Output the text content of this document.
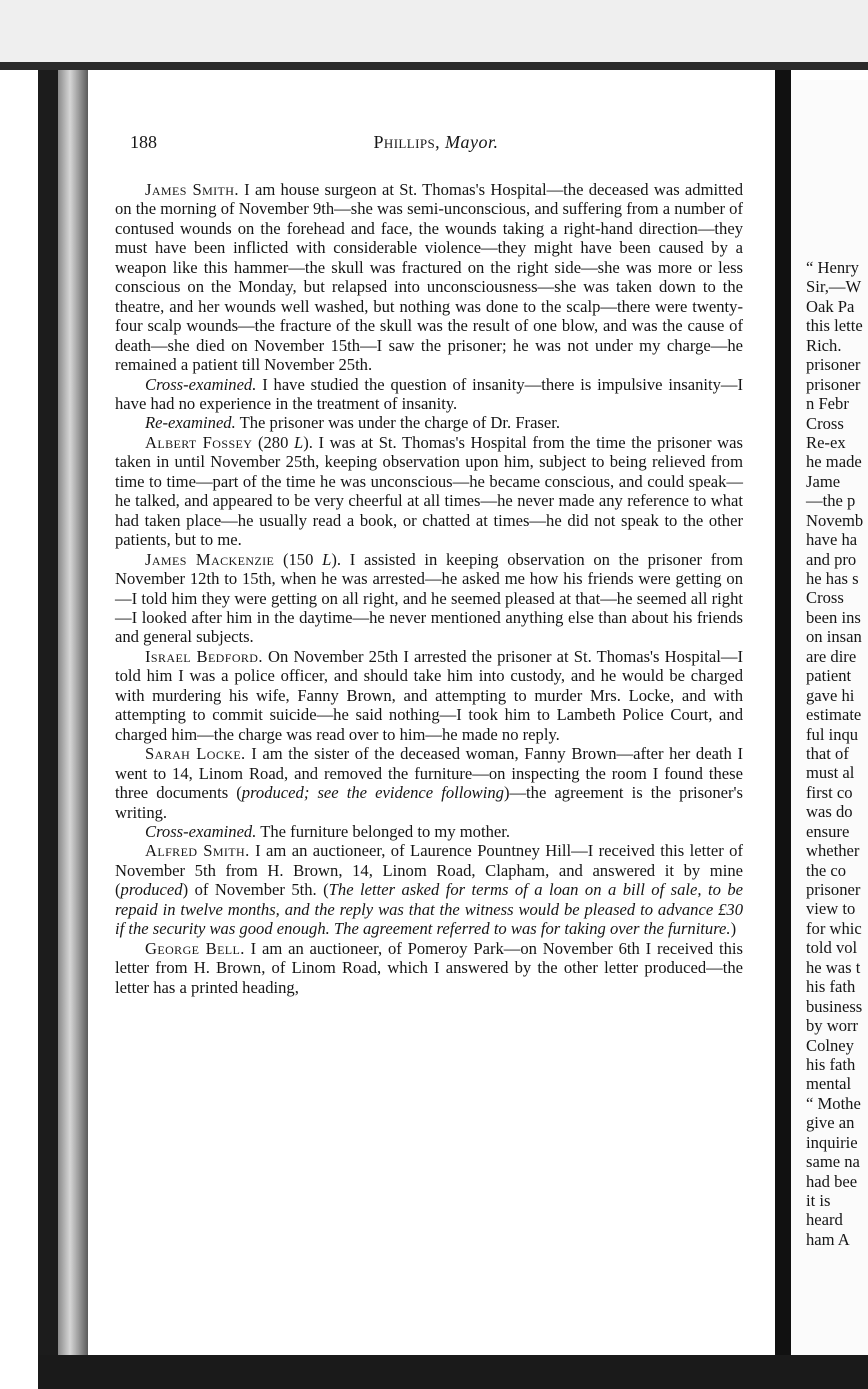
188	Phillips, Mayor.

James Smith. I am house surgeon at St. Thomas's Hospital—the deceased was admitted on the morning of November 9th—she was semi-unconscious, and suffering from a number of contused wounds on the forehead and face, the wounds taking a right-hand direction—they must have been inflicted with considerable violence—they might have been caused by a weapon like this hammer—the skull was fractured on the right side—she was more or less conscious on the Monday, but relapsed into unconsciousness—she was taken down to the theatre, and her wounds well washed, but nothing was done to the scalp—there were twenty-four scalp wounds—the fracture of the skull was the result of one blow, and was the cause of death—she died on November 15th—I saw the prisoner; he was not under my charge—he remained a patient till November 25th.

Cross-examined. I have studied the question of insanity—there is impulsive insanity—I have had no experience in the treatment of insanity.

Re-examined. The prisoner was under the charge of Dr. Fraser.

Albert Fossey (280 L). I was at St. Thomas's Hospital from the time the prisoner was taken in until November 25th, keeping observation upon him, subject to being relieved from time to time—part of the time he was unconscious—he became conscious, and could speak—he talked, and appeared to be very cheerful at all times—he never made any reference to what had taken place—he usually read a book, or chatted at times—he did not speak to the other patients, but to me.

James Mackenzie (150 L). I assisted in keeping observation on the prisoner from November 12th to 15th, when he was arrested—he asked me how his friends were getting on—I told him they were getting on all right, and he seemed pleased at that—he seemed all right—I looked after him in the daytime—he never mentioned anything else than about his friends and general subjects.

Israel Bedford. On November 25th I arrested the prisoner at St. Thomas's Hospital—I told him I was a police officer, and should take him into custody, and he would be charged with murdering his wife, Fanny Brown, and attempting to murder Mrs. Locke, and with attempting to commit suicide—he said nothing—I took him to Lambeth Police Court, and charged him—the charge was read over to him—he made no reply.

Sarah Locke. I am the sister of the deceased woman, Fanny Brown—after her death I went to 14, Linom Road, and removed the furniture—on inspecting the room I found these three documents (produced; see the evidence following)—the agreement is the prisoner's writing.

Cross-examined. The furniture belonged to my mother.

Alfred Smith. I am an auctioneer, of Laurence Pountney Hill—I received this letter of November 5th from H. Brown, 14, Linom Road, Clapham, and answered it by mine (produced) of November 5th. (The letter asked for terms of a loan on a bill of sale, to be repaid in twelve months, and the reply was that the witness would be pleased to advance £30 if the security was good enough. The agreement referred to was for taking over the furniture.)

George Bell. I am an auctioneer, of Pomeroy Park—on November 6th I received this letter from H. Brown, of Linom Road, which I answered by the other letter produced—the letter has a printed heading,

“ Henry
Sir,—W
Oak Pa
this lette
Rich.
prisoner
prisoner
n Febr
Cross
Re-ex
he made
Jame
—the p
Novemb
have ha
and pro
he has s
Cross
been ins
on insan
are dire
patient
gave hi
estimate
ful inqu
that of
must al
first co
was do
ensure
whether
the co
prisoner
view to
for whic
told vol
he was t
his fath
business
by worr
Colney
his fath
mental
“ Mothe
give an
inquirie
same na
had bee
it is
heard
ham A
